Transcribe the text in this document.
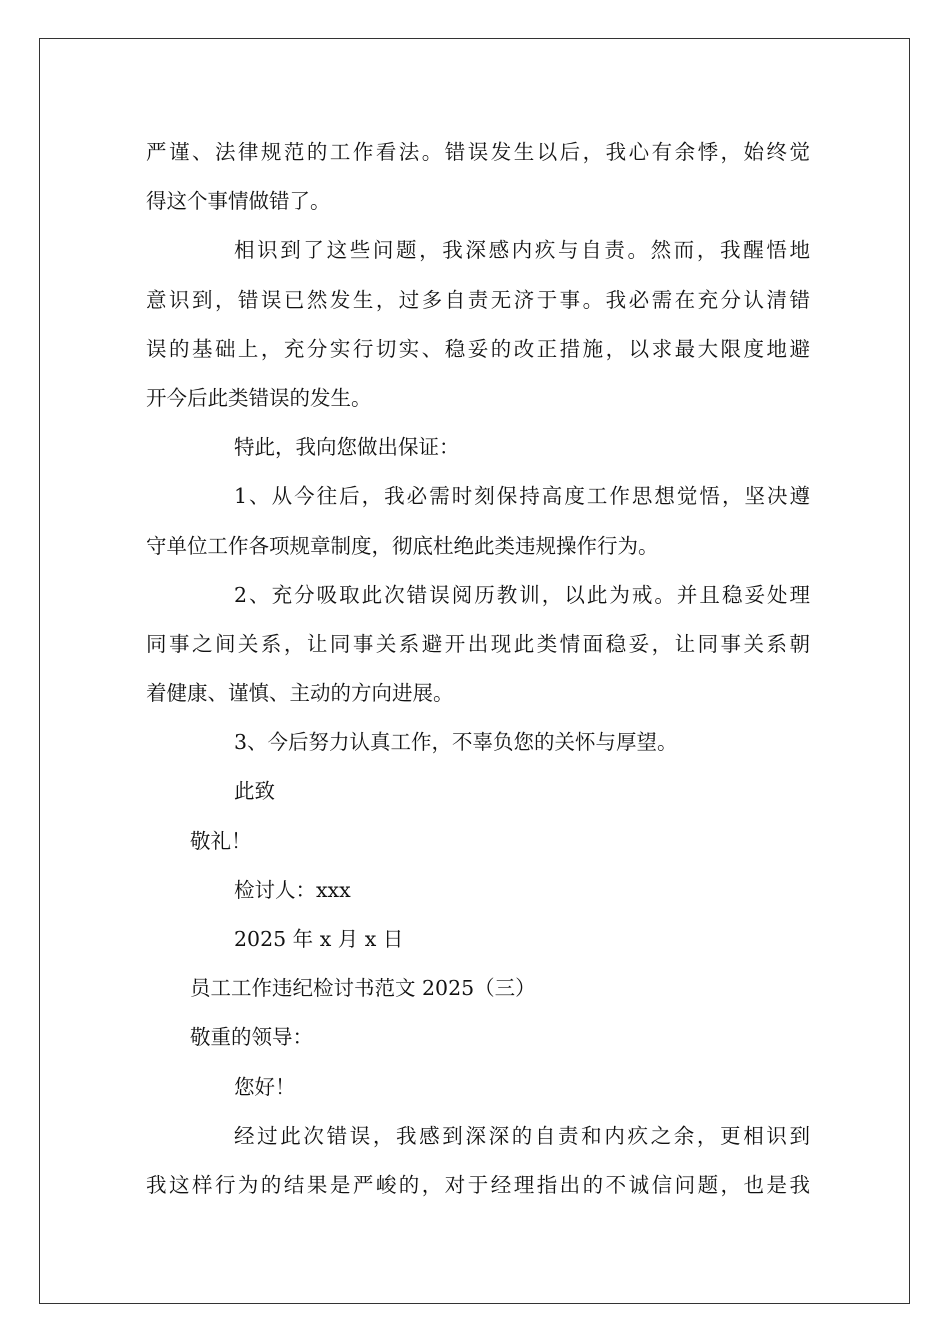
严谨、法律规范的工作看法。错误发生以后，我心有余悸，始终觉
得这个事情做错了。
相识到了这些问题，我深感内疚与自责。然而，我醒悟地
意识到，错误已然发生，过多自责无济于事。我必需在充分认清错
误的基础上，充分实行切实、稳妥的改正措施，以求最大限度地避
开今后此类错误的发生。
特此，我向您做出保证：
1、从今往后，我必需时刻保持高度工作思想觉悟，坚决遵
守单位工作各项规章制度，彻底杜绝此类违规操作行为。
2、充分吸取此次错误阅历教训，以此为戒。并且稳妥处理
同事之间关系，让同事关系避开出现此类情面稳妥，让同事关系朝
着健康、谨慎、主动的方向进展。
3、今后努力认真工作，不辜负您的关怀与厚望。
此致
敬礼！
检讨人：xxx
2025 年 x 月 x 日
员工工作违纪检讨书范文 2025（三）
敬重的领导：
您好！
经过此次错误，我感到深深的自责和内疚之余，更相识到
我这样行为的结果是严峻的，对于经理指出的不诚信问题，也是我
